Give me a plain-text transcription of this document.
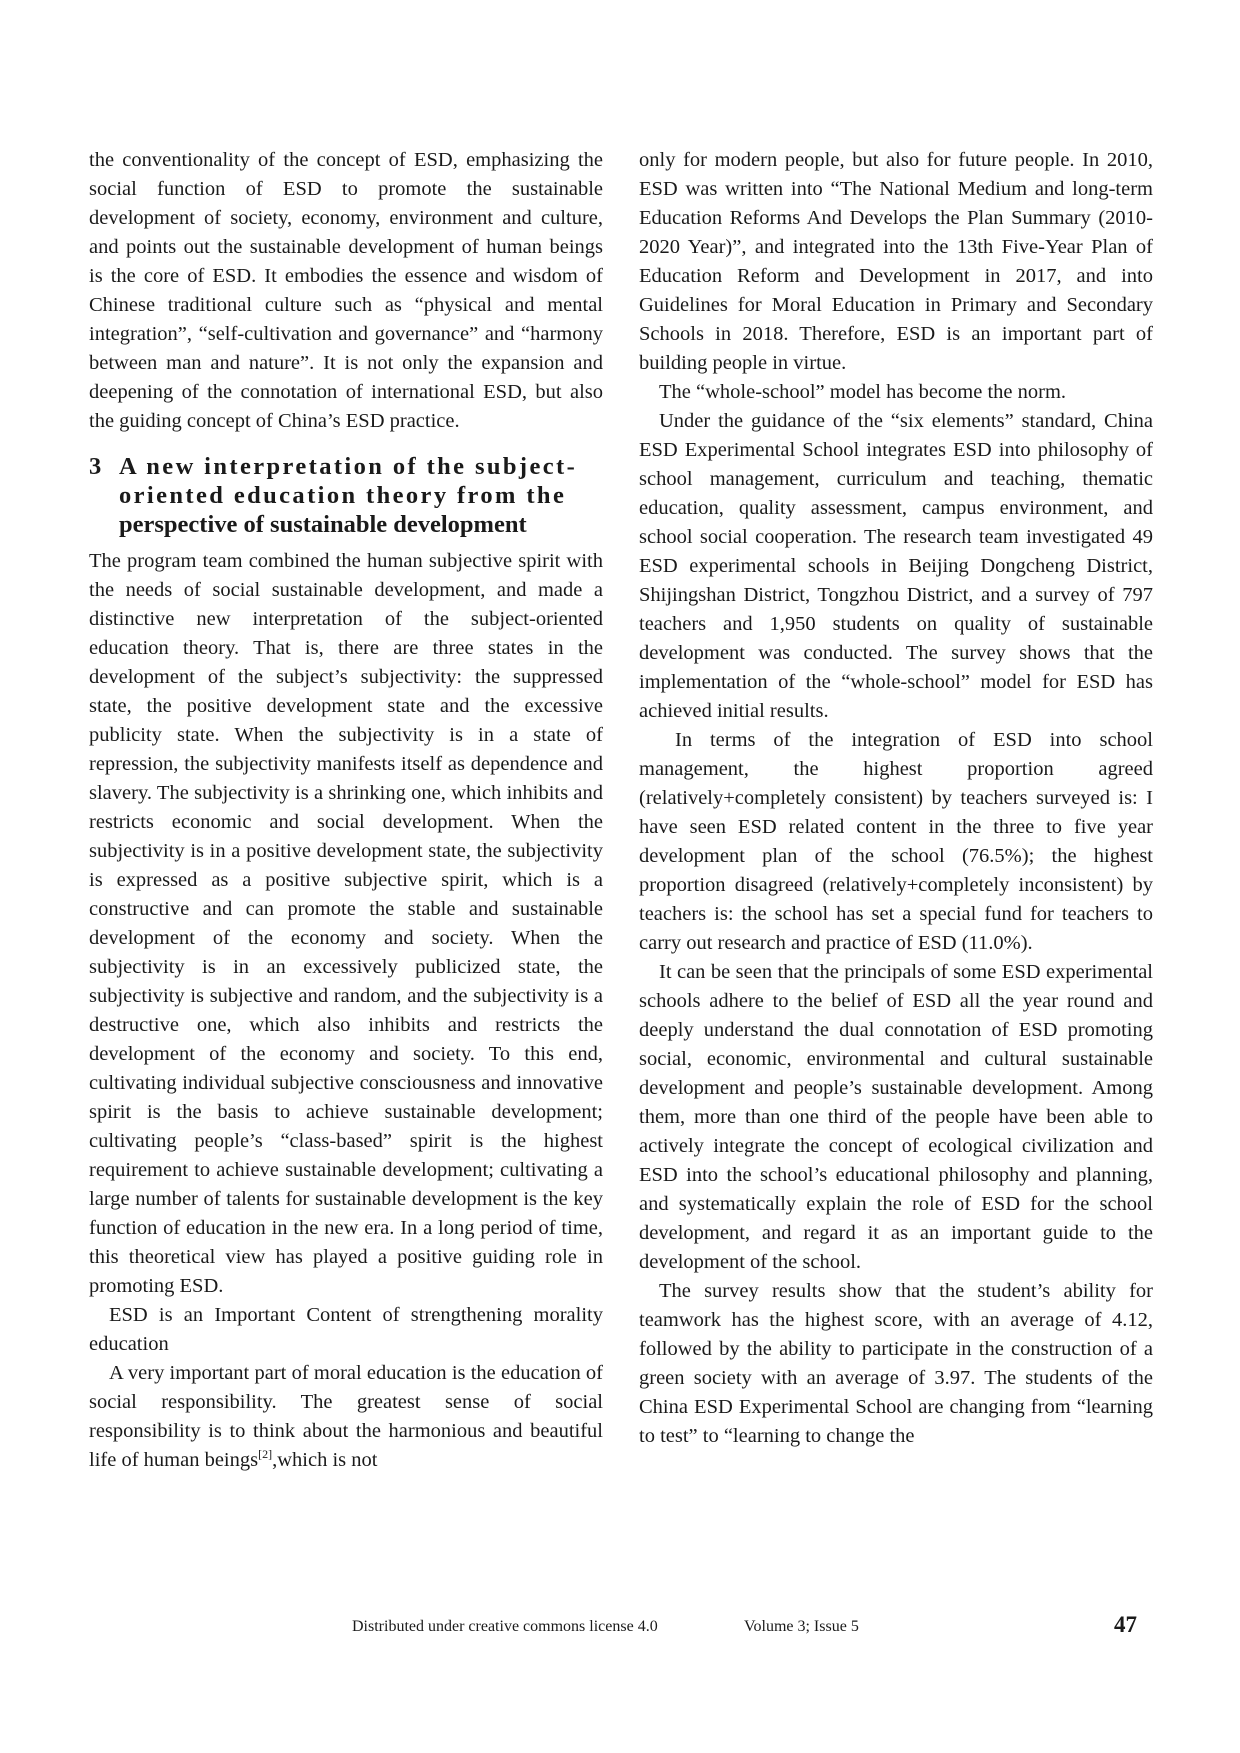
the conventionality of the concept of ESD, emphasizing the social function of ESD to promote the sustainable development of society, economy, environment and culture, and points out the sustainable development of human beings is the core of ESD. It embodies the essence and wisdom of Chinese traditional culture such as “physical and mental integration”, “self-cultivation and governance” and “harmony between man and nature”. It is not only the expansion and deepening of the connotation of international ESD, but also the guiding concept of China’s ESD practice.

3 A new interpretation of the subject-
oriented education theory from the
perspective of sustainable development

The program team combined the human subjective spirit with the needs of social sustainable development, and made a distinctive new interpretation of the subject-oriented education theory. That is, there are three states in the development of the subject’s subjectivity: the suppressed state, the positive development state and the excessive publicity state. When the subjectivity is in a state of repression, the subjectivity manifests itself as dependence and slavery. The subjectivity is a shrinking one, which inhibits and restricts economic and social development. When the subjectivity is in a positive development state, the subjectivity is expressed as a positive subjective spirit, which is a constructive and can promote the stable and sustainable development of the economy and society. When the subjectivity is in an excessively publicized state, the subjectivity is subjective and random, and the subjectivity is a destructive one, which also inhibits and restricts the development of the economy and society. To this end, cultivating individual subjective consciousness and innovative spirit is the basis to achieve sustainable development; cultivating people’s “class-based” spirit is the highest requirement to achieve sustainable development; cultivating a large number of talents for sustainable development is the key function of education in the new era. In a long period of time, this theoretical view has played a positive guiding role in promoting ESD.

ESD is an Important Content of strengthening morality education

A very important part of moral education is the education of social responsibility. The greatest sense of social responsibility is to think about the harmonious and beautiful life of human beings[2],which is not

only for modern people, but also for future people. In 2010, ESD was written into “The National Medium and long-term Education Reforms And Develops the Plan Summary (2010-2020 Year)”, and integrated into the 13th Five-Year Plan of Education Reform and Development in 2017, and into Guidelines for Moral Education in Primary and Secondary Schools in 2018. Therefore, ESD is an important part of building people in virtue.

The “whole-school” model has become the norm.

Under the guidance of the “six elements” standard, China ESD Experimental School integrates ESD into philosophy of school management, curriculum and teaching, thematic education, quality assessment, campus environment, and school social cooperation. The research team investigated 49 ESD experimental schools in Beijing Dongcheng District, Shijingshan District, Tongzhou District, and a survey of 797 teachers and 1,950 students on quality of sustainable development was conducted. The survey shows that the implementation of the “whole-school” model for ESD has achieved initial results.

In terms of the integration of ESD into school management, the highest proportion agreed (relatively+completely consistent) by teachers surveyed is: I have seen ESD related content in the three to five year development plan of the school (76.5%); the highest proportion disagreed (relatively+completely inconsistent) by teachers is: the school has set a special fund for teachers to carry out research and practice of ESD (11.0%).

It can be seen that the principals of some ESD experimental schools adhere to the belief of ESD all the year round and deeply understand the dual connotation of ESD promoting social, economic, environmental and cultural sustainable development and people’s sustainable development. Among them, more than one third of the people have been able to actively integrate the concept of ecological civilization and ESD into the school’s educational philosophy and planning, and systematically explain the role of ESD for the school development, and regard it as an important guide to the development of the school.

The survey results show that the student’s ability for teamwork has the highest score, with an average of 4.12, followed by the ability to participate in the construction of a green society with an average of 3.97. The students of the China ESD Experimental School are changing from “learning to test” to “learning to change the

Distributed under creative commons license 4.0	Volume 3; Issue 5	47
